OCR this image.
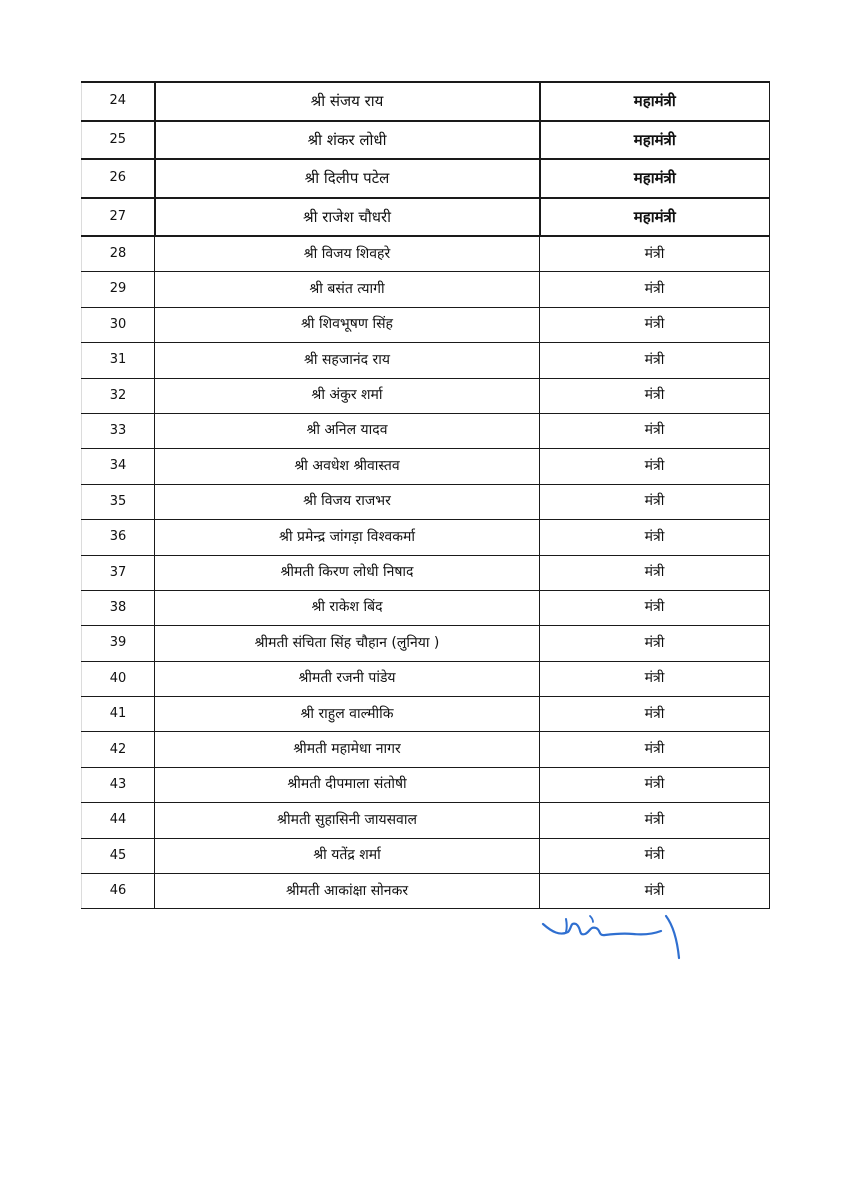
24	श्री संजय राय	महामंत्री
25	श्री शंकर लोधी	महामंत्री
26	श्री दिलीप पटेल	महामंत्री
27	श्री राजेश चौधरी	महामंत्री
28	श्री विजय शिवहरे	मंत्री
29	श्री बसंत त्यागी	मंत्री
30	श्री शिवभूषण सिंह	मंत्री
31	श्री सहजानंद राय	मंत्री
32	श्री अंकुर शर्मा	मंत्री
33	श्री अनिल यादव	मंत्री
34	श्री अवधेश श्रीवास्तव	मंत्री
35	श्री विजय राजभर	मंत्री
36	श्री प्रमेन्द्र जांगड़ा विश्वकर्मा	मंत्री
37	श्रीमती किरण लोधी निषाद	मंत्री
38	श्री राकेश बिंद	मंत्री
39	श्रीमती संचिता सिंह चौहान (लुनिया )	मंत्री
40	श्रीमती रजनी पांडेय	मंत्री
41	श्री राहुल वाल्मीकि	मंत्री
42	श्रीमती महामेधा नागर	मंत्री
43	श्रीमती दीपमाला संतोषी	मंत्री
44	श्रीमती सुहासिनी जायसवाल	मंत्री
45	श्री यतेंद्र शर्मा	मंत्री
46	श्रीमती आकांक्षा सोनकर	मंत्री
